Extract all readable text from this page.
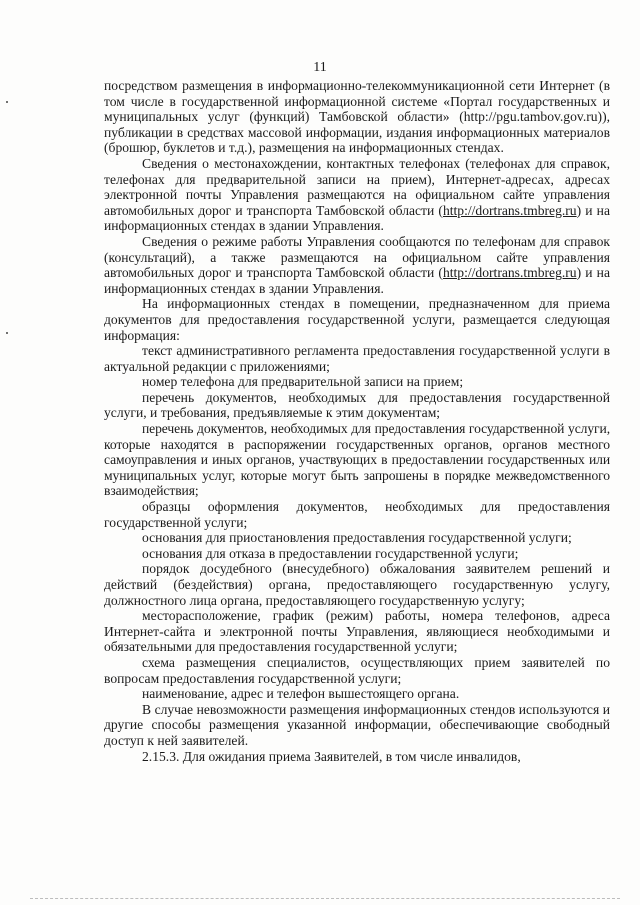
11

посредством размещения в информационно-телекоммуникационной сети Интернет (в том числе в государственной информационной системе «Портал государственных и муниципальных услуг (функций) Тамбовской области» (http://pgu.tambov.gov.ru)), публикации в средствах массовой информации, издания информационных материалов (брошюр, буклетов и т.д.), размещения на информационных стендах.

Сведения о местонахождении, контактных телефонах (телефонах для справок, телефонах для предварительной записи на прием), Интернет-адресах, адресах электронной почты Управления размещаются на официальном сайте управления автомобильных дорог и транспорта Тамбовской области (http://dortrans.tmbreg.ru) и на информационных стендах в здании Управления.

Сведения о режиме работы Управления сообщаются по телефонам для справок (консультаций), а также размещаются на официальном сайте управления автомобильных дорог и транспорта Тамбовской области (http://dortrans.tmbreg.ru) и на информационных стендах в здании Управления.

На информационных стендах в помещении, предназначенном для приема документов для предоставления государственной услуги, размещается следующая информация:

текст административного регламента предоставления государственной услуги в актуальной редакции с приложениями;

номер телефона для предварительной записи на прием;

перечень документов, необходимых для предоставления государственной услуги, и требования, предъявляемые к этим документам;

перечень документов, необходимых для предоставления государственной услуги, которые находятся в распоряжении государственных органов, органов местного самоуправления и иных органов, участвующих в предоставлении государственных или муниципальных услуг, которые могут быть запрошены в порядке межведомственного взаимодействия;

образцы оформления документов, необходимых для предоставления государственной услуги;

основания для приостановления предоставления государственной услуги;

основания для отказа в предоставлении государственной услуги;

порядок досудебного (внесудебного) обжалования заявителем решений и действий (бездействия) органа, предоставляющего государственную услугу, должностного лица органа, предоставляющего государственную услугу;

месторасположение, график (режим) работы, номера телефонов, адреса Интернет-сайта и электронной почты Управления, являющиеся необходимыми и обязательными для предоставления государственной услуги;

схема размещения специалистов, осуществляющих прием заявителей по вопросам предоставления государственной услуги;

наименование, адрес и телефон вышестоящего органа.

В случае невозможности размещения информационных стендов используются и другие способы размещения указанной информации, обеспечивающие свободный доступ к ней заявителей.

2.15.3. Для ожидания приема Заявителей, в том числе инвалидов,
